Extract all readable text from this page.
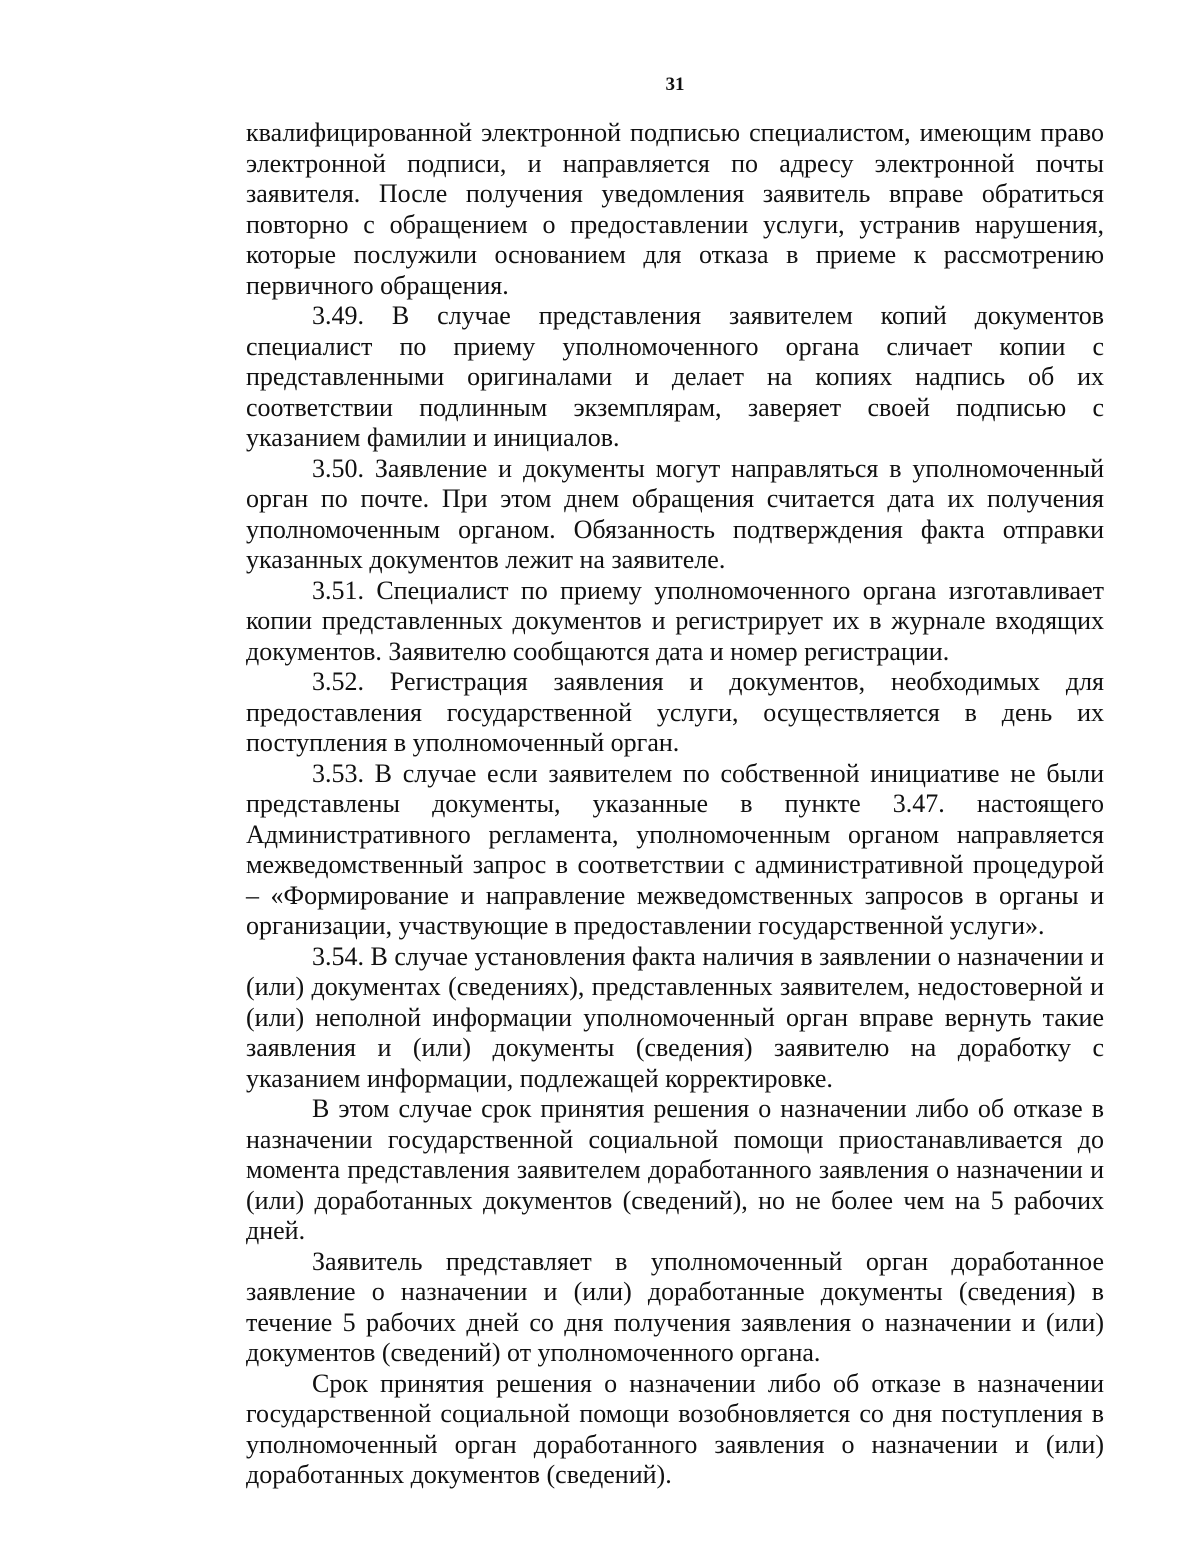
31

квалифицированной электронной подписью специалистом, имеющим право электронной подписи, и направляется по адресу электронной почты заявителя. После получения уведомления заявитель вправе обратиться повторно с обращением о предоставлении услуги, устранив нарушения, которые послужили основанием для отказа в приеме к рассмотрению первичного обращения.

3.49. В случае представления заявителем копий документов специалист по приему уполномоченного органа сличает копии с представленными оригиналами и делает на копиях надпись об их соответствии подлинным экземплярам, заверяет своей подписью с указанием фамилии и инициалов.

3.50. Заявление и документы могут направляться в уполномоченный орган по почте. При этом днем обращения считается дата их получения уполномоченным органом. Обязанность подтверждения факта отправки указанных документов лежит на заявителе.

3.51. Специалист по приему уполномоченного органа изготавливает копии представленных документов и регистрирует их в журнале входящих документов. Заявителю сообщаются дата и номер регистрации.

3.52. Регистрация заявления и документов, необходимых для предоставления государственной услуги, осуществляется в день их поступления в уполномоченный орган.

3.53. В случае если заявителем по собственной инициативе не были представлены документы, указанные в пункте 3.47. настоящего Административного регламента, уполномоченным органом направляется межведомственный запрос в соответствии с административной процедурой – «Формирование и направление межведомственных запросов в органы и организации, участвующие в предоставлении государственной услуги».

3.54. В случае установления факта наличия в заявлении о назначении и (или) документах (сведениях), представленных заявителем, недостоверной и (или) неполной информации уполномоченный орган вправе вернуть такие заявления и (или) документы (сведения) заявителю на доработку с указанием информации, подлежащей корректировке.

В этом случае срок принятия решения о назначении либо об отказе в назначении государственной социальной помощи приостанавливается до момента представления заявителем доработанного заявления о назначении и (или) доработанных документов (сведений), но не более чем на 5 рабочих дней.

Заявитель представляет в уполномоченный орган доработанное заявление о назначении и (или) доработанные документы (сведения) в течение 5 рабочих дней со дня получения заявления о назначении и (или) документов (сведений) от уполномоченного органа.

Срок принятия решения о назначении либо об отказе в назначении государственной социальной помощи возобновляется со дня поступления в уполномоченный орган доработанного заявления о назначении и (или) доработанных документов (сведений).
